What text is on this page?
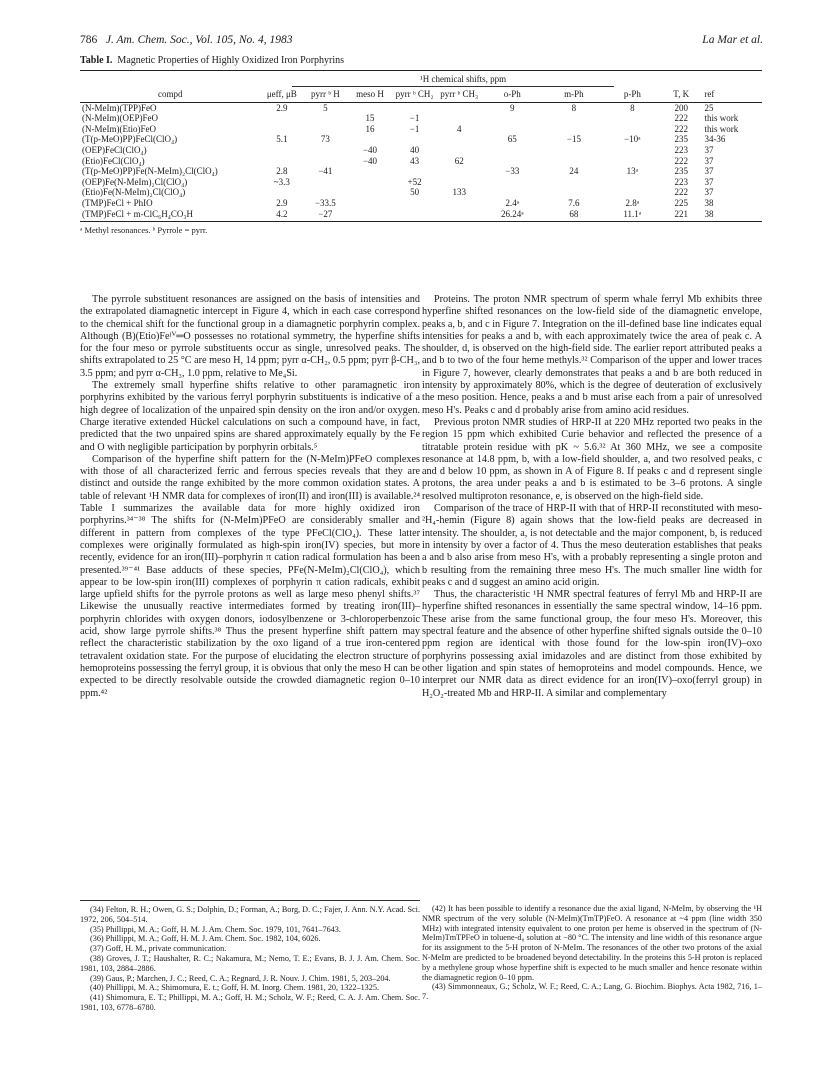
786 J. Am. Chem. Soc., Vol. 105, No. 4, 1983	La Mar et al.
Table I. Magnetic Properties of Highly Oxidized Iron Porphyrins
¹H chemical shifts, ppm
compd	μeff, μB	pyrr ᵇ H	meso H	pyrr ᵇ CH₂	pyrr ᵇ CH₃	o-Ph	m-Ph	p-Ph	T, K	ref
(N-MeIm)(TPP)FeO	2.9	5				9	8	8	200	25
(N-MeIm)(OEP)FeO			15	−1					222	this work
(N-MeIm)(Etio)FeO			16	−1	4				222	this work
(T(p-MeO)PP)FeCl(ClO₄)	5.1	73				65	−15	−10ᵃ	235	34-36
(OEP)FeCl(ClO₄)			−40	40					223	37
(Etio)FeCl(ClO₄)			−40	43	62				222	37
(T(p-MeO)PP)Fe(N-MeIm)₂Cl(ClO₄)	2.8	−41				−33	24	13ᵃ	235	37
(OEP)Fe(N-MeIm)₂Cl(ClO₄)	~3.3			+52					223	37
(Etio)Fe(N-MeIm)₂Cl(ClO₄)				50	133				222	37
(TMP)FeCl + PhIO	2.9	−33.5				2.4ᵃ	7.6	2.8ᵃ	225	38
(TMP)FeCl + m-ClC₆H₄CO₃H	4.2	−27				26.24ᵃ	68	11.1ᵃ	221	38
ᵃ Methyl resonances. ᵇ Pyrrole = pyrr.

The pyrrole substituent resonances are assigned on the basis of intensities and the extrapolated diamagnetic intercept in Figure 4, which in each case correspond to the chemical shift for the functional group in a diamagnetic porphyrin complex. Although (B)(Etio)Feᴵⱽ═O possesses no rotational symmetry, the hyperfine shifts for the four meso or pyrrole substituents occur as single, unresolved peaks. The shifts extrapolated to 25 °C are meso H, 14 ppm; pyrr α-CH₂, 0.5 ppm; pyrr β-CH₃, 3.5 ppm; and pyrr α-CH₃, 1.0 ppm, relative to Me₄Si.

The extremely small hyperfine shifts relative to other paramagnetic iron porphyrins exhibited by the various ferryl porphyrin substituents is indicative of a high degree of localization of the unpaired spin density on the iron and/or oxygen. Charge iterative extended Hückel calculations on such a compound have, in fact, predicted that the two unpaired spins are shared approximately equally by the Fe and O with negligible participation by porphyrin orbitals.⁵

Comparison of the hyperfine shift pattern for the (N-MeIm)PFeO complexes with those of all characterized ferric and ferrous species reveals that they are distinct and outside the range exhibited by the more common oxidation states. A table of relevant ¹H NMR data for complexes of iron(II) and iron(III) is available.²⁴ Table I summarizes the available data for more highly oxidized iron porphyrins.³⁴⁻³⁸ The shifts for (N-MeIm)PFeO are considerably smaller and different in pattern from complexes of the type PFeCl(ClO₄). These latter complexes were originally formulated as high-spin iron(IV) species, but more recently, evidence for an iron(III)–porphyrin π cation radical formulation has been presented.³⁹⁻⁴¹ Base adducts of these species, PFe(N-MeIm)₂Cl(ClO₄), which appear to be low-spin iron(III) complexes of porphyrin π cation radicals, exhibit large upfield shifts for the pyrrole protons as well as large meso phenyl shifts.³⁷ Likewise the unusually reactive intermediates formed by treating iron(III)–porphyrin chlorides with oxygen donors, iodosylbenzene or 3-chloroperbenzoic acid, show large pyrrole shifts.³⁸ Thus the present hyperfine shift pattern may reflect the characteristic stabilization by the oxo ligand of a true iron-centered tetravalent oxidation state. For the purpose of elucidating the electron structure of hemoproteins possessing the ferryl group, it is obvious that only the meso H can be expected to be directly resolvable outside the crowded diamagnetic region 0–10 ppm.⁴²

Proteins. The proton NMR spectrum of sperm whale ferryl Mb exhibits three hyperfine shifted resonances on the low-field side of the diamagnetic envelope, peaks a, b, and c in Figure 7. Integration on the ill-defined base line indicates equal intensities for peaks a and b, with each approximately twice the area of peak c. A shoulder, d, is observed on the high-field side. The earlier report attributed peaks a and b to two of the four heme methyls.³² Comparison of the upper and lower traces in Figure 7, however, clearly demonstrates that peaks a and b are both reduced in intensity by approximately 80%, which is the degree of deuteration of exclusively the meso position. Hence, peaks a and b must arise each from a pair of unresolved meso H's. Peaks c and d probably arise from amino acid residues.

Previous proton NMR studies of HRP-II at 220 MHz reported two peaks in the region 15 ppm which exhibited Curie behavior and reflected the presence of a titratable protein residue with pK ~ 5.6.³² At 360 MHz, we see a composite resonance at 14.8 ppm, b, with a low-field shoulder, a, and two resolved peaks, c and d below 10 ppm, as shown in A of Figure 8. If peaks c and d represent single protons, the area under peaks a and b is estimated to be 3–6 protons. A single resolved multiproton resonance, e, is observed on the high-field side.

Comparison of the trace of HRP-II with that of HRP-II reconstituted with meso-²H₄-hemin (Figure 8) again shows that the low-field peaks are decreased in intensity. The shoulder, a, is not detectable and the major component, b, is reduced in intensity by over a factor of 4. Thus the meso deuteration establishes that peaks a and b also arise from meso H's, with a probably representing a single proton and b resulting from the remaining three meso H's. The much smaller line width for peaks c and d suggest an amino acid origin.

Thus, the characteristic ¹H NMR spectral features of ferryl Mb and HRP-II are hyperfine shifted resonances in essentially the same spectral window, 14–16 ppm. These arise from the same functional group, the four meso H's. Moreover, this spectral feature and the absence of other hyperfine shifted signals outside the 0–10 ppm region are identical with those found for the low-spin iron(IV)–oxo porphyrins possessing axial imidazoles and are distinct from those exhibited by other ligation and spin states of hemoproteins and model compounds. Hence, we interpret our NMR data as direct evidence for an iron(IV)–oxo(ferryl group) in H₂O₂-treated Mb and HRP-II. A similar and complementary

(34) Felton, R. H.; Owen, G. S.; Dolphin, D.; Forman, A.; Borg, D. C.; Fajer, J. Ann. N.Y. Acad. Sci. 1972, 206, 504–514.

(35) Phillippi, M. A.; Goff, H. M. J. Am. Chem. Soc. 1979, 101, 7641–7643.

(36) Phillippi, M. A.; Goff, H. M. J. Am. Chem. Soc. 1982, 104, 6026.

(37) Goff, H. M., private communication.

(38) Groves, J. T.; Haushalter, R. C.; Nakamura, M.; Nemo, T. E.; Evans, B. J. J. Am. Chem. Soc. 1981, 103, 2884–2886.

(39) Gaus, P.; Marchen, J. C.; Reed, C. A.; Regnard, J. R. Nouv. J. Chim. 1981, 5, 203–204.

(40) Phillippi, M. A.; Shimomura, E. t.; Goff, H. M. Inorg. Chem. 1981, 20, 1322–1325.

(41) Shimomura, E. T.; Phillippi, M. A.; Goff, H. M.; Scholz, W. F.; Reed, C. A. J. Am. Chem. Soc. 1981, 103, 6778–6780.

(42) It has been possible to identify a resonance due the axial ligand, N-MeIm, by observing the ¹H NMR spectrum of the very soluble (N-MeIm)(TmTP)FeO. A resonance at ~4 ppm (line width 350 MHz) with integrated intensity equivalent to one proton per heme is observed in the spectrum of (N-MeIm)TmTPFeO in toluene-d₈ solution at −80 °C. The intensity and line width of this resonance argue for its assignment to the 5-H proton of N-MeIm. The resonances of the other two protons of the axial N-MeIm are predicted to be broadened beyond detectability. In the proteins this 5-H proton is replaced by a methylene group whose hyperfine shift is expected to be much smaller and hence resonate within the diamagnetic region 0–10 ppm.

(43) Simmonneaux, G.; Scholz, W. F.; Reed, C. A.; Lang, G. Biochim. Biophys. Acta 1982, 716, 1–7.
